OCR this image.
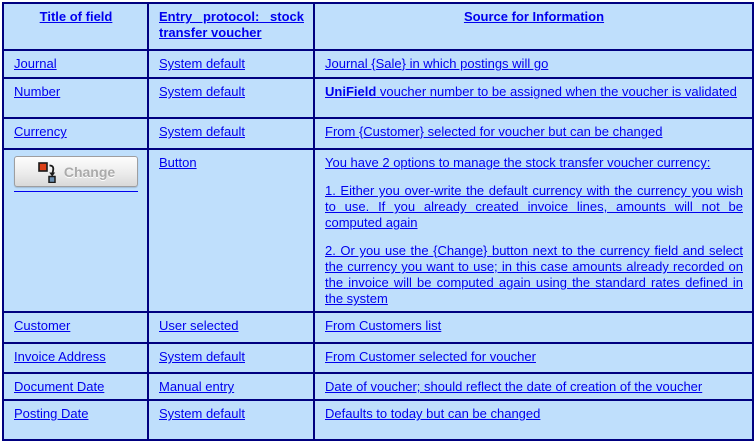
Title of field	Entry protocol: stock transfer voucher	Source for Information
Journal	System default	Journal {Sale} in which postings will go
Number	System default	UniField voucher number to be assigned when the voucher is validated
Currency	System default	From {Customer} selected for voucher but can be changed

Change	Button	You have 2 options to manage the stock transfer voucher currency:

1. Either you over-write the default currency with the currency you wish to use. If you already created invoice lines, amounts will not be computed again

2. Or you use the {Change} button next to the currency field and select the currency you want to use; in this case amounts already recorded on the invoice will be computed again using the standard rates defined in the system

Customer	User selected	From Customers list
Invoice Address	System default	From Customer selected for voucher
Document Date	Manual entry	Date of voucher; should reflect the date of creation of the voucher
Posting Date	System default	Defaults to today but can be changed
